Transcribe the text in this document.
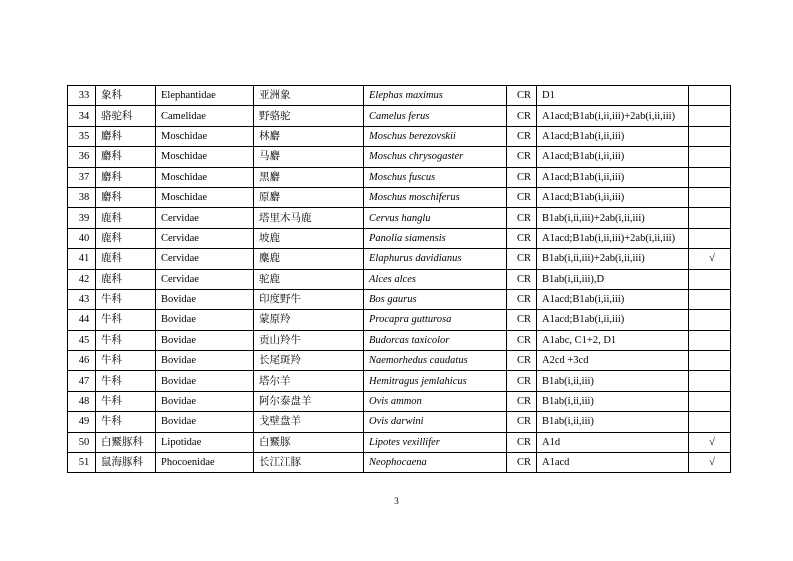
33	象科	Elephantidae	亚洲象	Elephas maximus	CR	D1	
34	骆驼科	Camelidae	野骆驼	Camelus ferus	CR	A1acd;B1ab(i,ii,iii)+2ab(i,ii,iii)	
35	麝科	Moschidae	林麝	Moschus berezovskii	CR	A1acd;B1ab(i,ii,iii)	
36	麝科	Moschidae	马麝	Moschus chrysogaster	CR	A1acd;B1ab(i,ii,iii)	
37	麝科	Moschidae	黑麝	Moschus fuscus	CR	A1acd;B1ab(i,ii,iii)	
38	麝科	Moschidae	原麝	Moschus moschiferus	CR	A1acd;B1ab(i,ii,iii)	
39	鹿科	Cervidae	塔里木马鹿	Cervus hanglu	CR	B1ab(i,ii,iii)+2ab(i,ii,iii)	
40	鹿科	Cervidae	坡鹿	Panolia siamensis	CR	A1acd;B1ab(i,ii,iii)+2ab(i,ii,iii)	
41	鹿科	Cervidae	麋鹿	Elaphurus davidianus	CR	B1ab(i,ii,iii)+2ab(i,ii,iii)	√
42	鹿科	Cervidae	驼鹿	Alces alces	CR	B1ab(i,ii,iii),D	
43	牛科	Bovidae	印度野牛	Bos gaurus	CR	A1acd;B1ab(i,ii,iii)	
44	牛科	Bovidae	蒙原羚	Procapra gutturosa	CR	A1acd;B1ab(i,ii,iii)	
45	牛科	Bovidae	贡山羚牛	Budorcas taxicolor	CR	A1abc, C1+2, D1	
46	牛科	Bovidae	长尾斑羚	Naemorhedus caudatus	CR	A2cd +3cd	
47	牛科	Bovidae	塔尔羊	Hemitragus jemlahicus	CR	B1ab(i,ii,iii)	
48	牛科	Bovidae	阿尔泰盘羊	Ovis ammon	CR	B1ab(i,ii,iii)	
49	牛科	Bovidae	戈壁盘羊	Ovis darwini	CR	B1ab(i,ii,iii)	
50	白鱀豚科	Lipotidae	白鱀豚	Lipotes vexillifer	CR	A1d	√
51	鼠海豚科	Phocoenidae	长江江豚	Neophocaena	CR	A1acd	√
3
